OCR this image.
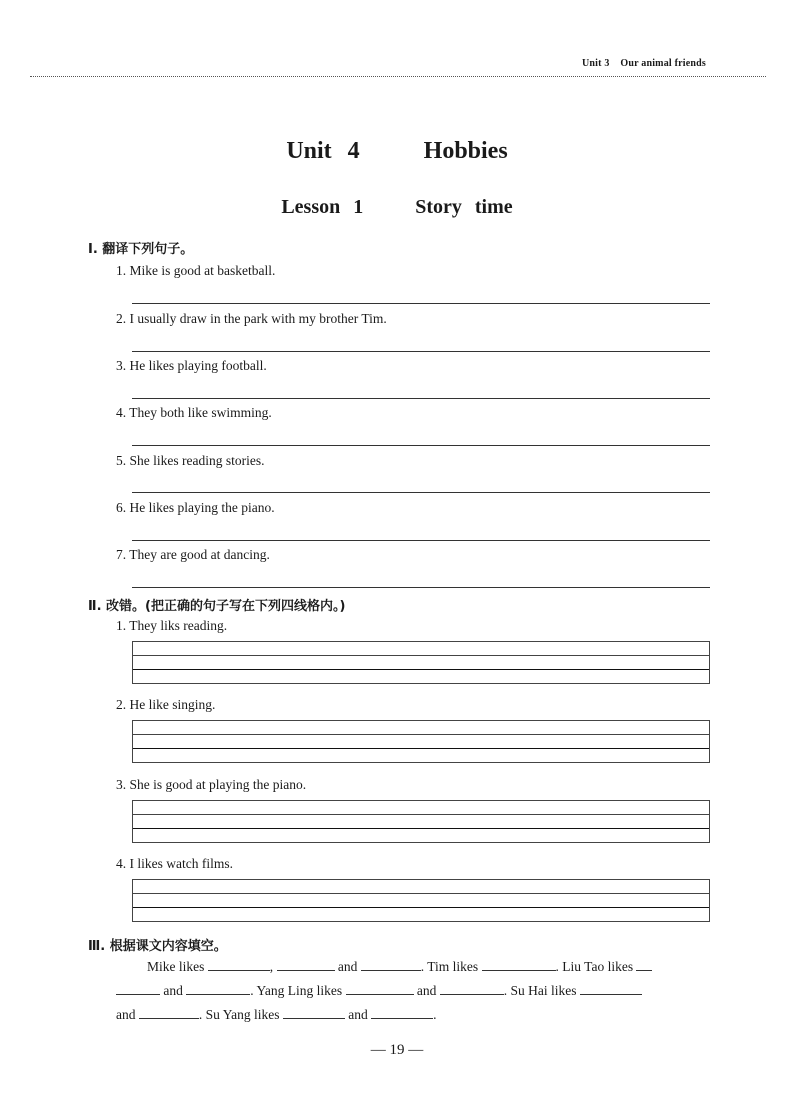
Unit 3    Our animal friends
Unit 4    Hobbies
Lesson 1    Story time
Ⅰ. 翻译下列句子。
1. Mike is good at basketball.
2. I usually draw in the park with my brother Tim.
3. He likes playing football.
4. They both like swimming.
5. She likes reading stories.
6. He likes playing the piano.
7. They are good at dancing.
Ⅱ. 改错。(把正确的句子写在下列四线格内。)
1. They liks reading.
2. He like singing.
3. She is good at playing the piano.
4. I likes watch films.
Ⅲ. 根据课文内容填空。
Mike likes	,	and	. Tim likes	. Liu Tao likes
and	. Yang Ling likes	and	. Su Hai likes
and	. Su Yang likes	and	.
— 19 —
